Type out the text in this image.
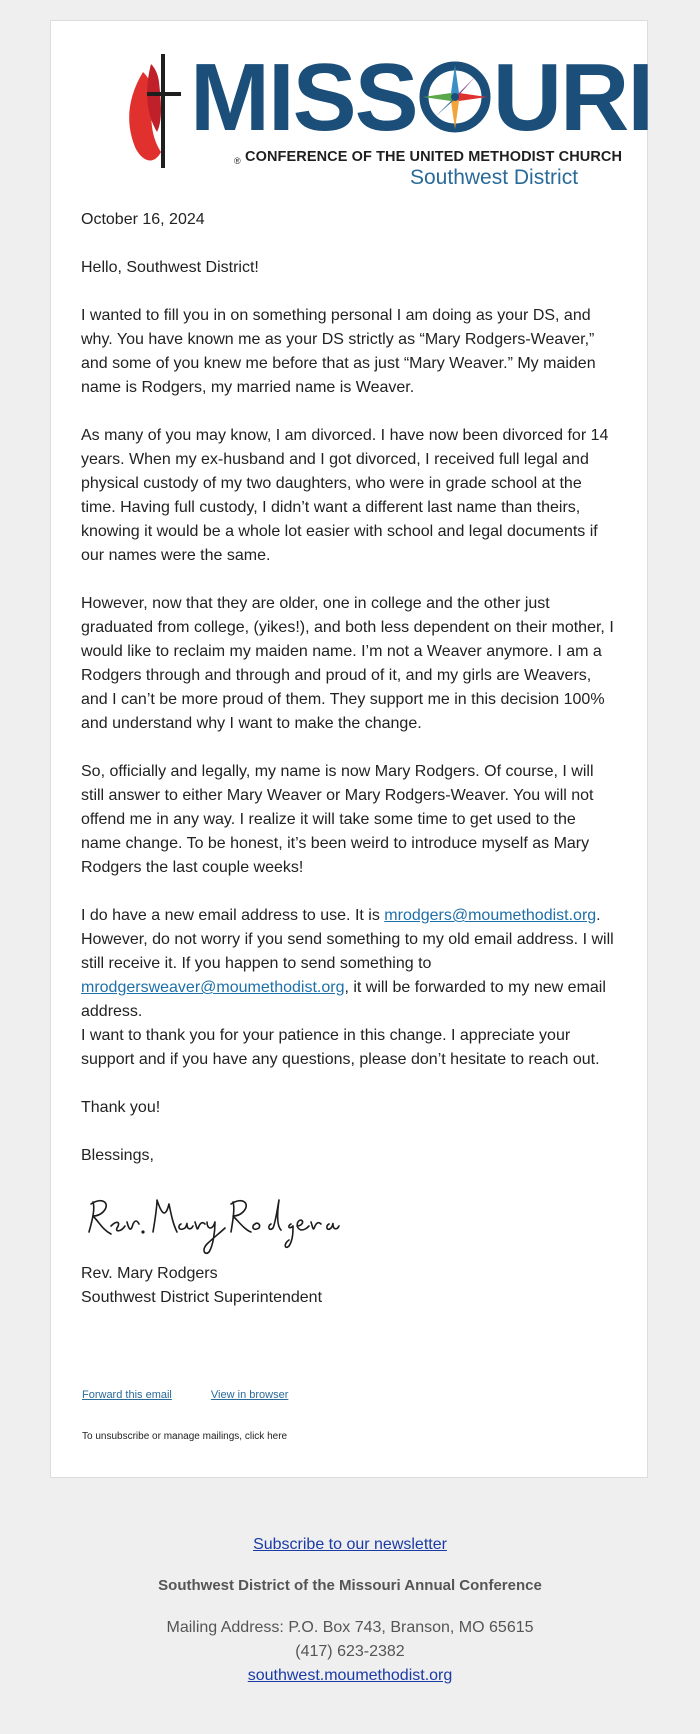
MISS URI
® CONFERENCE OF THE UNITED METHODIST CHURCH
Southwest District

October 16, 2024

Hello, Southwest District!

I wanted to fill you in on something personal I am doing as your DS, and why. You have known me as your DS strictly as “Mary Rodgers-Weaver,” and some of you knew me before that as just “Mary Weaver.” My maiden name is Rodgers, my married name is Weaver.

As many of you may know, I am divorced. I have now been divorced for 14 years. When my ex-husband and I got divorced, I received full legal and physical custody of my two daughters, who were in grade school at the time. Having full custody, I didn’t want a different last name than theirs, knowing it would be a whole lot easier with school and legal documents if our names were the same.

However, now that they are older, one in college and the other just graduated from college, (yikes!), and both less dependent on their mother, I would like to reclaim my maiden name. I’m not a Weaver anymore. I am a Rodgers through and through and proud of it, and my girls are Weavers, and I can’t be more proud of them. They support me in this decision 100% and understand why I want to make the change.

So, officially and legally, my name is now Mary Rodgers. Of course, I will still answer to either Mary Weaver or Mary Rodgers-Weaver. You will not offend me in any way. I realize it will take some time to get used to the name change. To be honest, it’s been weird to introduce myself as Mary Rodgers the last couple weeks!

I do have a new email address to use. It is mrodgers@moumethodist.org. However, do not worry if you send something to my old email address. I will still receive it. If you happen to send something to mrodgersweaver@moumethodist.org, it will be forwarded to my new email address.

I want to thank you for your patience in this change. I appreciate your support and if you have any questions, please don’t hesitate to reach out.

Thank you!

Blessings,

Rev. Mary Rodgers
Southwest District Superintendent
Forward this email	View in browser
To unsubscribe or manage mailings, click here
Subscribe to our newsletter
Southwest District of the Missouri Annual Conference
Mailing Address: P.O. Box 743, Branson, MO 65615
(417) 623-2382
southwest.moumethodist.org
